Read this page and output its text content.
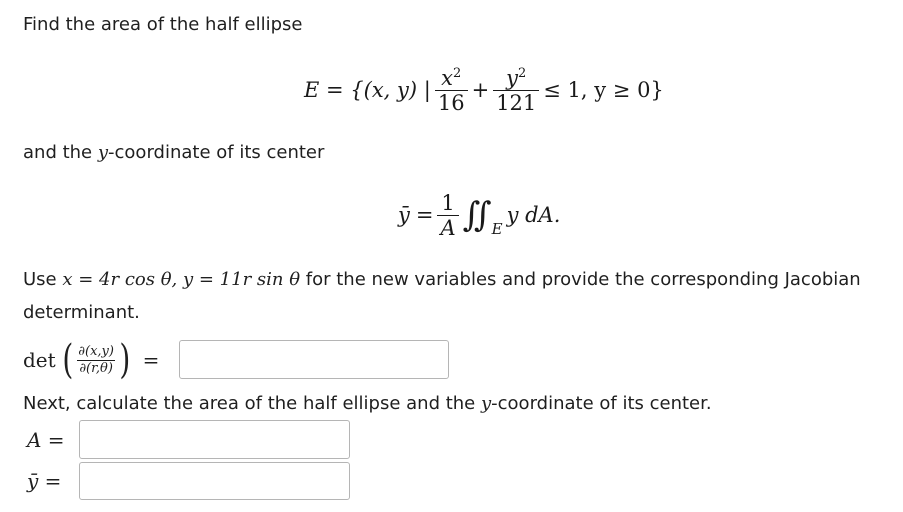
Find the area of the half ellipse
E = {(x, y) | $\frac{x^2}{16} + \frac{y^2}{121} \le 1$, y ≥ 0}
and the y-coordinate of its center
ȳ = $\frac{1}{A}$ ∬ E
y dA.
Use x = 4r cos θ, y = 11r sin θ for the new variables and provide the corresponding Jacobian
determinant.
det ( $\frac{\partial(x,y)}{\partial(r,\theta)}$ ) =
Next, calculate the area of the half ellipse and the y-coordinate of its center.
A =
ȳ =
